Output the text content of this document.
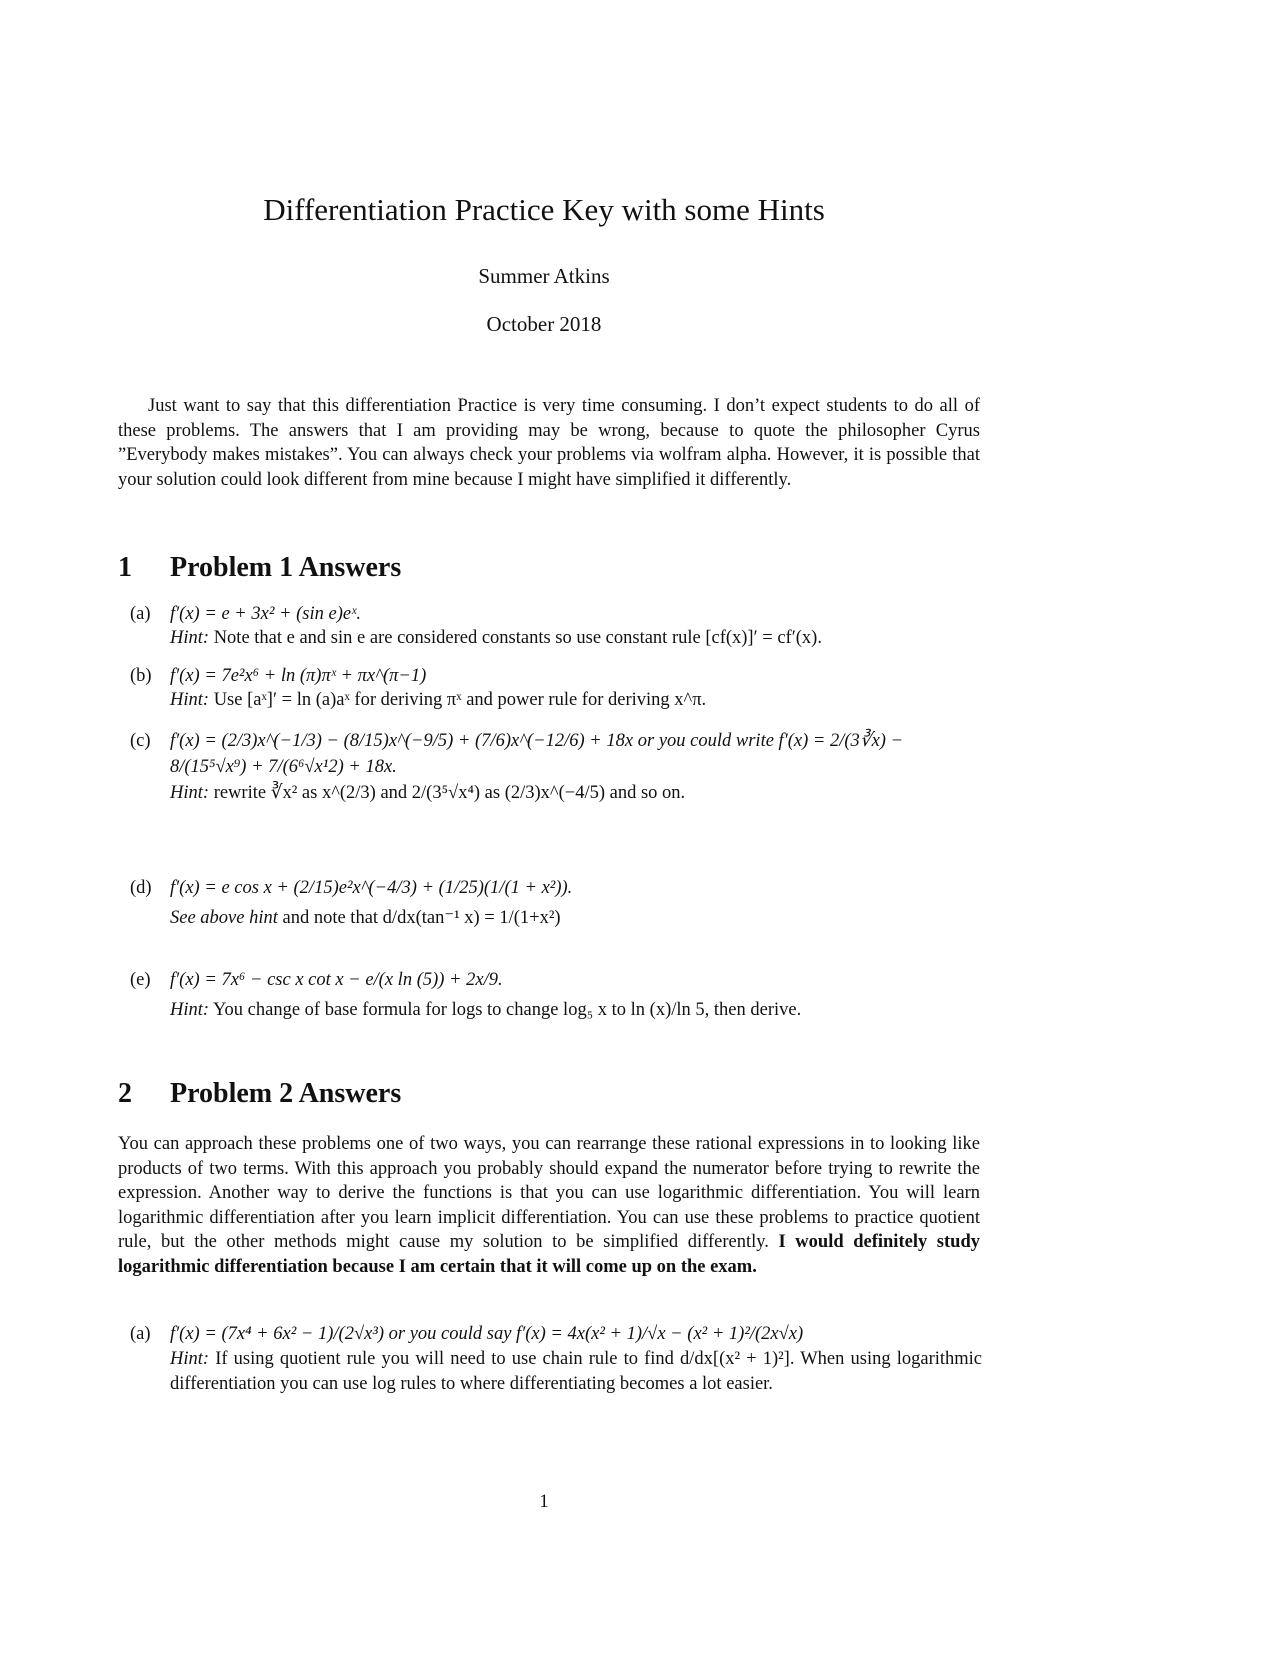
Differentiation Practice Key with some Hints
Summer Atkins
October 2018
Just want to say that this differentiation Practice is very time consuming. I don’t expect students to do all of these problems. The answers that I am providing may be wrong, because to quote the philosopher Cyrus ”Everybody makes mistakes”. You can always check your problems via wolfram alpha. However, it is possible that your solution could look different from mine because I might have simplified it differently.
1 Problem 1 Answers
(a) f′(x) = e + 3x² + (sin e)eˣ.
Hint: Note that e and sin e are considered constants so use constant rule [cf(x)]′ = cf′(x).
(b) f′(x) = 7e²x⁶ + ln (π)πˣ + πx^(π−1)
Hint: Use [aˣ]′ = ln (a)aˣ for deriving πˣ and power rule for deriving x^π.
(c)	f′(x) = (2/3)x^(−1/3) − (8/15)x^(−9/5) + (7/6)x^(−12/6) + 18x or you could write f′(x) = 2/(3∛x) − 8/(15⁵√x⁹) + 7/(6⁶√x¹2) + 18x.
Hint: rewrite ∛x² as x^(2/3) and 2/(3⁵√x⁴) as (2/3)x^(−4/5) and so on.
(d) f′(x) = e cos x + (2/15)e²x^(−4/3) + (1/25)(1/(1 + x²)).
See above hint and note that d/dx(tan⁻¹ x) = 1/(1+x²)
(e) f′(x) = 7x⁶ − csc x cot x − e/(x ln (5)) + 2x/9.
Hint: You change of base formula for logs to change log₅ x to ln (x)/ln 5, then derive.
2 Problem 2 Answers
You can approach these problems one of two ways, you can rearrange these rational expressions in to looking like products of two terms. With this approach you probably should expand the numerator before trying to rewrite the expression. Another way to derive the functions is that you can use logarithmic differentiation. You will learn logarithmic differentiation after you learn implicit differentiation. You can use these problems to practice quotient rule, but the other methods might cause my solution to be simplified differently. I would definitely study logarithmic differentiation because I am certain that it will come up on the exam.
(a)	f′(x) = (7x⁴ + 6x² − 1)/(2√x³) or you could say f′(x) = 4x(x² + 1)/√x − (x² + 1)²/(2x√x)
Hint: If using quotient rule you will need to use chain rule to find d/dx[(x² + 1)²]. When using logarithmic differentiation you can use log rules to where differentiating becomes a lot easier.
1
